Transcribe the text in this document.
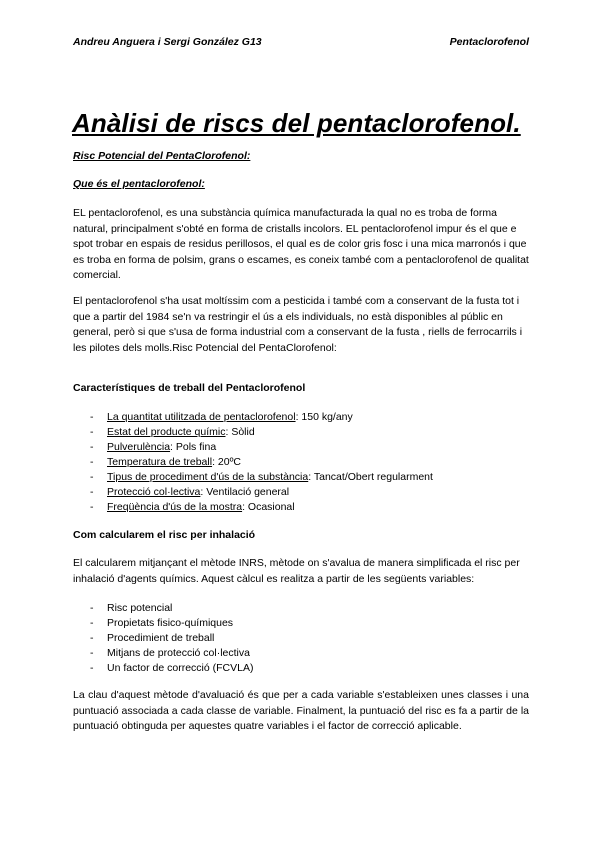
Andreu Anguera i Sergi González G13	Pentaclorofenol
Anàlisi de riscs del pentaclorofenol.
Risc Potencial del PentaClorofenol:
Que és el pentaclorofenol:

EL pentaclorofenol, es una substància química manufacturada la qual no es troba de forma natural, principalment s'obté en forma de cristalls incolors. EL pentaclorofenol impur és el que e spot trobar en espais de residus perillosos, el qual es de color gris fosc i una mica marronós i que es troba en forma de polsim, grans o escames, es coneix també com a pentaclorofenol de qualitat comercial.

El pentaclorofenol s'ha usat moltíssim com a pesticida i també com a conservant de la fusta tot i que a partir del 1984 se'n va restringir el ús a els individuals, no està disponibles al públic en general, però si que s'usa de forma industrial com a conservant de la fusta , riells de ferrocarrils i les pilotes dels molls.Risc Potencial del PentaClorofenol:

Característiques de treball del Pentaclorofenol
- La quantitat utilitzada de pentaclorofenol: 150 kg/any
- Estat del producte químic: Sòlid
- Pulverulència: Pols fina
- Temperatura de treball: 20ºC
- Tipus de procediment d'ús de la substància: Tancat/Obert regularment
- Protecció col·lectiva: Ventilació general
- Freqüència d'ús de la mostra: Ocasional
Com calcularem el risc per inhalació

El calcularem mitjançant el mètode INRS, mètode on s'avalua de manera simplificada el risc per inhalació d'agents químics. Aquest càlcul es realitza a partir de les següents variables:

- Risc potencial
- Propietats fisico-químiques
- Procedimient de treball
- Mitjans de protecció col·lectiva
- Un factor de correcció (FCVLA)

La clau d'aquest mètode d'avaluació és que per a cada variable s'estableixen unes classes i una puntuació associada a cada classe de variable. Finalment, la puntuació del risc es fa a partir de la puntuació obtinguda per aquestes quatre variables i el factor de correcció aplicable.
